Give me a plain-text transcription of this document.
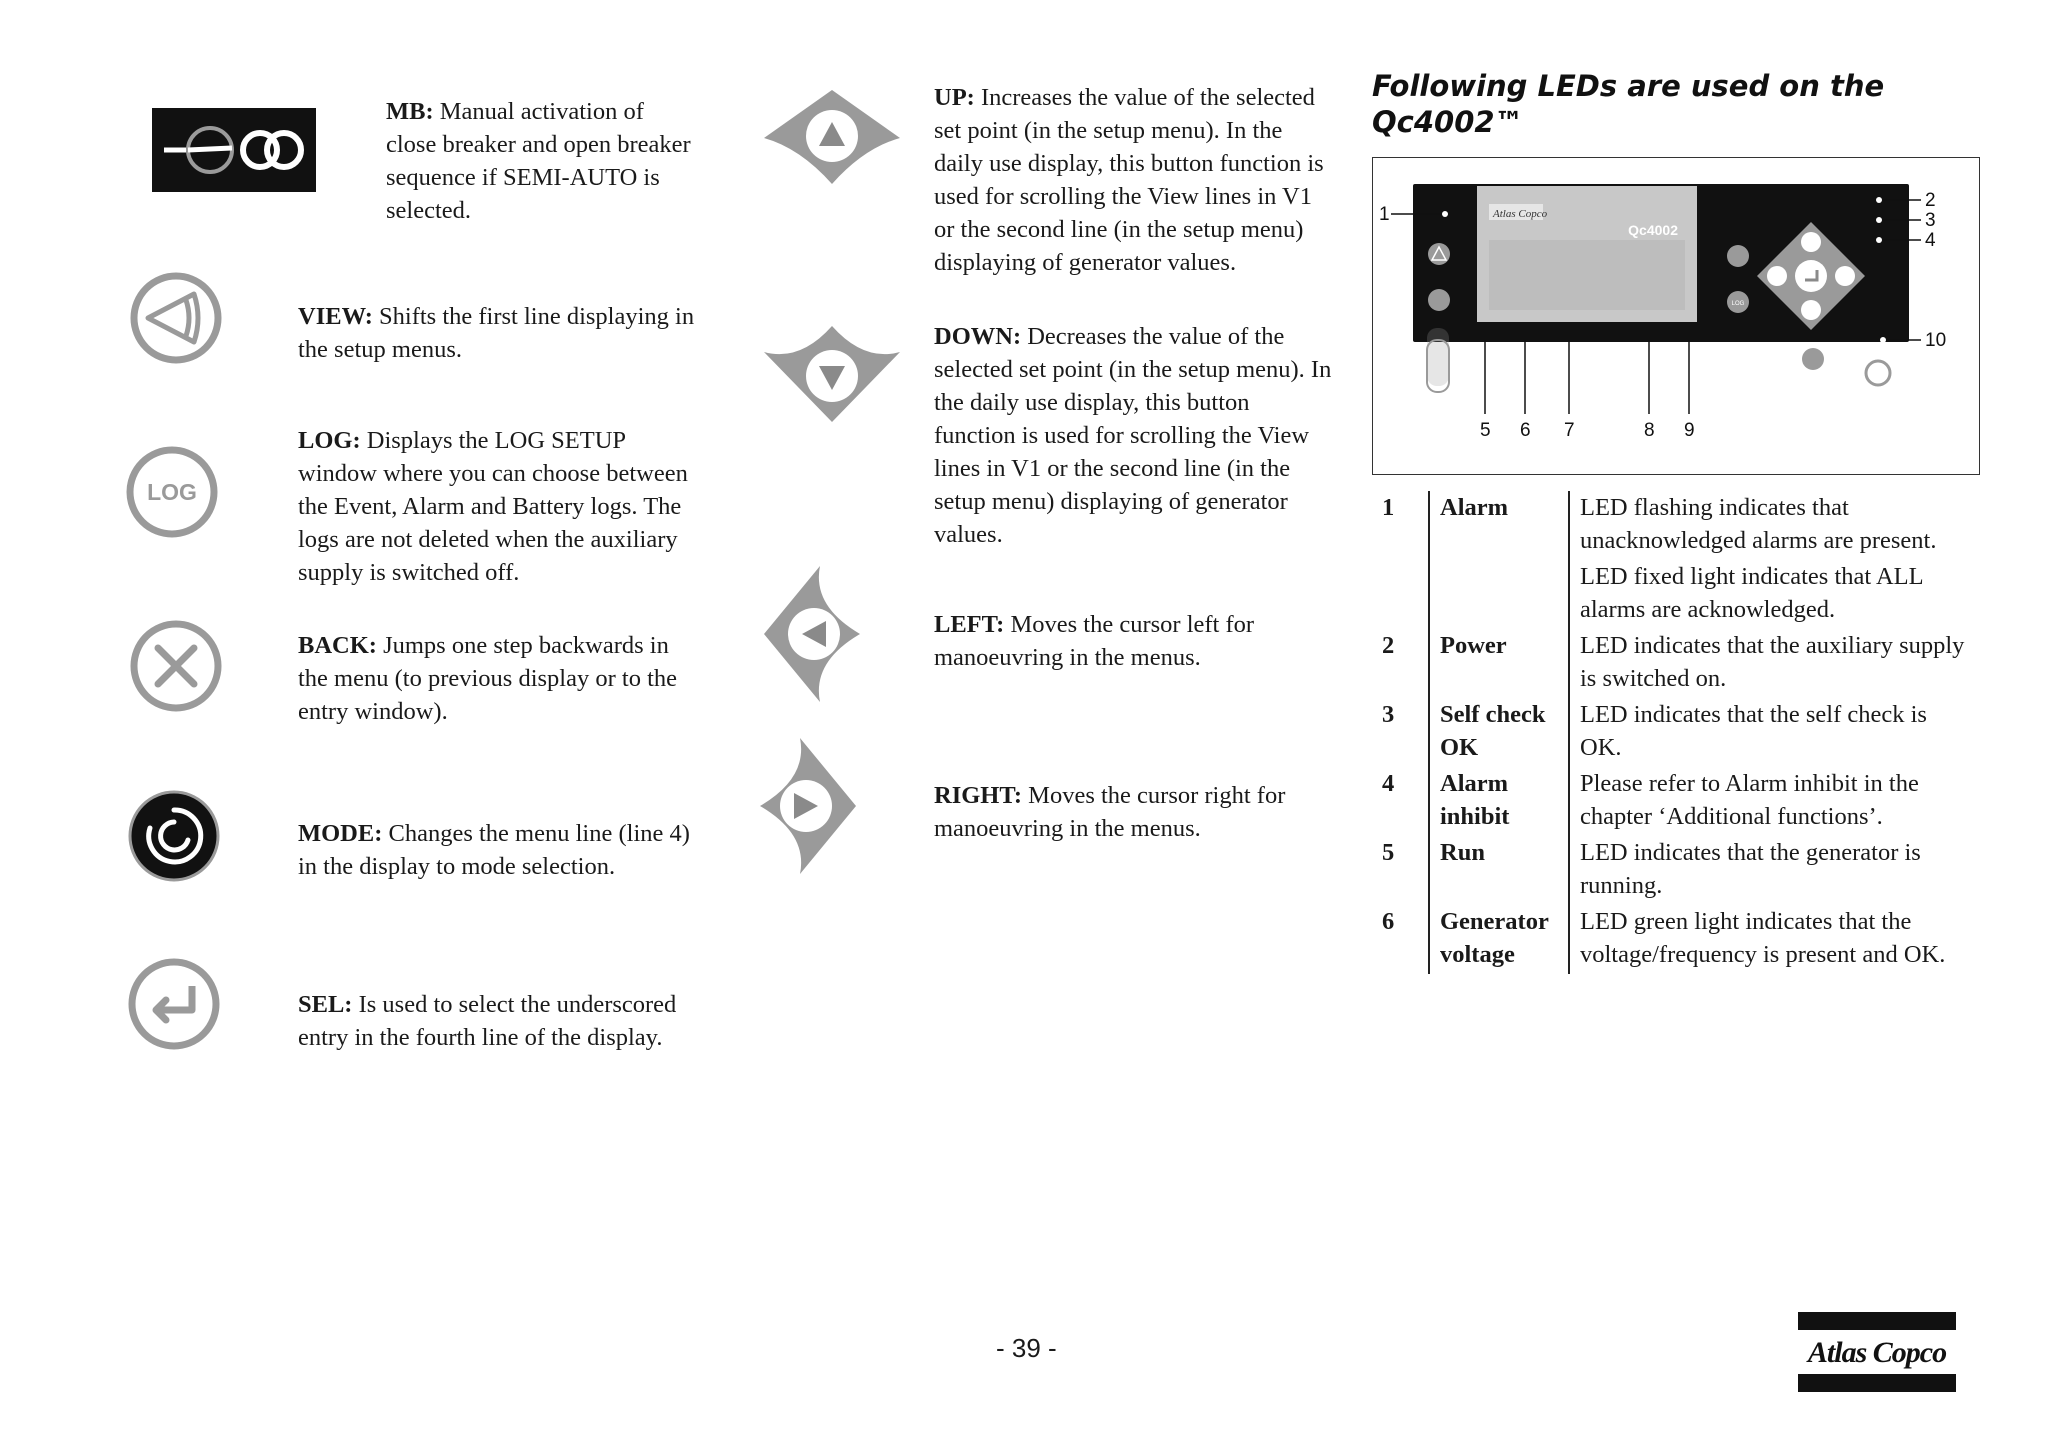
MB: Manual activation of close breaker and open breaker sequence if SEMI-AUTO is selected.
VIEW: Shifts the first line displaying in the setup menus.
LOG
LOG: Displays the LOG SETUP window where you can choose between the Event, Alarm and Battery logs. The logs are not deleted when the auxiliary supply is switched off.
BACK: Jumps one step backwards in the menu (to previous display or to the entry window).
MODE: Changes the menu line (line 4) in the display to mode selection.
SEL: Is used to select the underscored entry in the fourth line of the display.
UP: Increases the value of the selected set point (in the setup menu). In the daily use display, this button function is used for scrolling the View lines in V1 or the second line (in the setup menu) displaying of generator values.
DOWN: Decreases the value of the selected set point (in the setup menu). In the daily use display, this button function is used for scrolling the View lines in V1 or the second line (in the setup menu) displaying of generator values.
LEFT: Moves the cursor left for manoeuvring in the menus.
RIGHT: Moves the cursor right for manoeuvring in the menus.
Following LEDs are used on the Qc4002™
Atlas Copco
Qc4002
LOG
1
2
3
4
5 6 7	8 9
10
1	Alarm	LED flashing indicates that unacknowledged alarms are present.
LED fixed light indicates that ALL alarms are acknowledged.

2	Power	LED indicates that the auxiliary supply is switched on.

3	Self check OK	LED indicates that the self check is OK.

4	Alarm inhibit	Please refer to Alarm inhibit in the chapter ‘Additional functions’.

5	Run	LED indicates that the generator is running.

6	Generator voltage	LED green light indicates that the voltage/frequency is present and OK.
- 39 -	Atlas Copco
